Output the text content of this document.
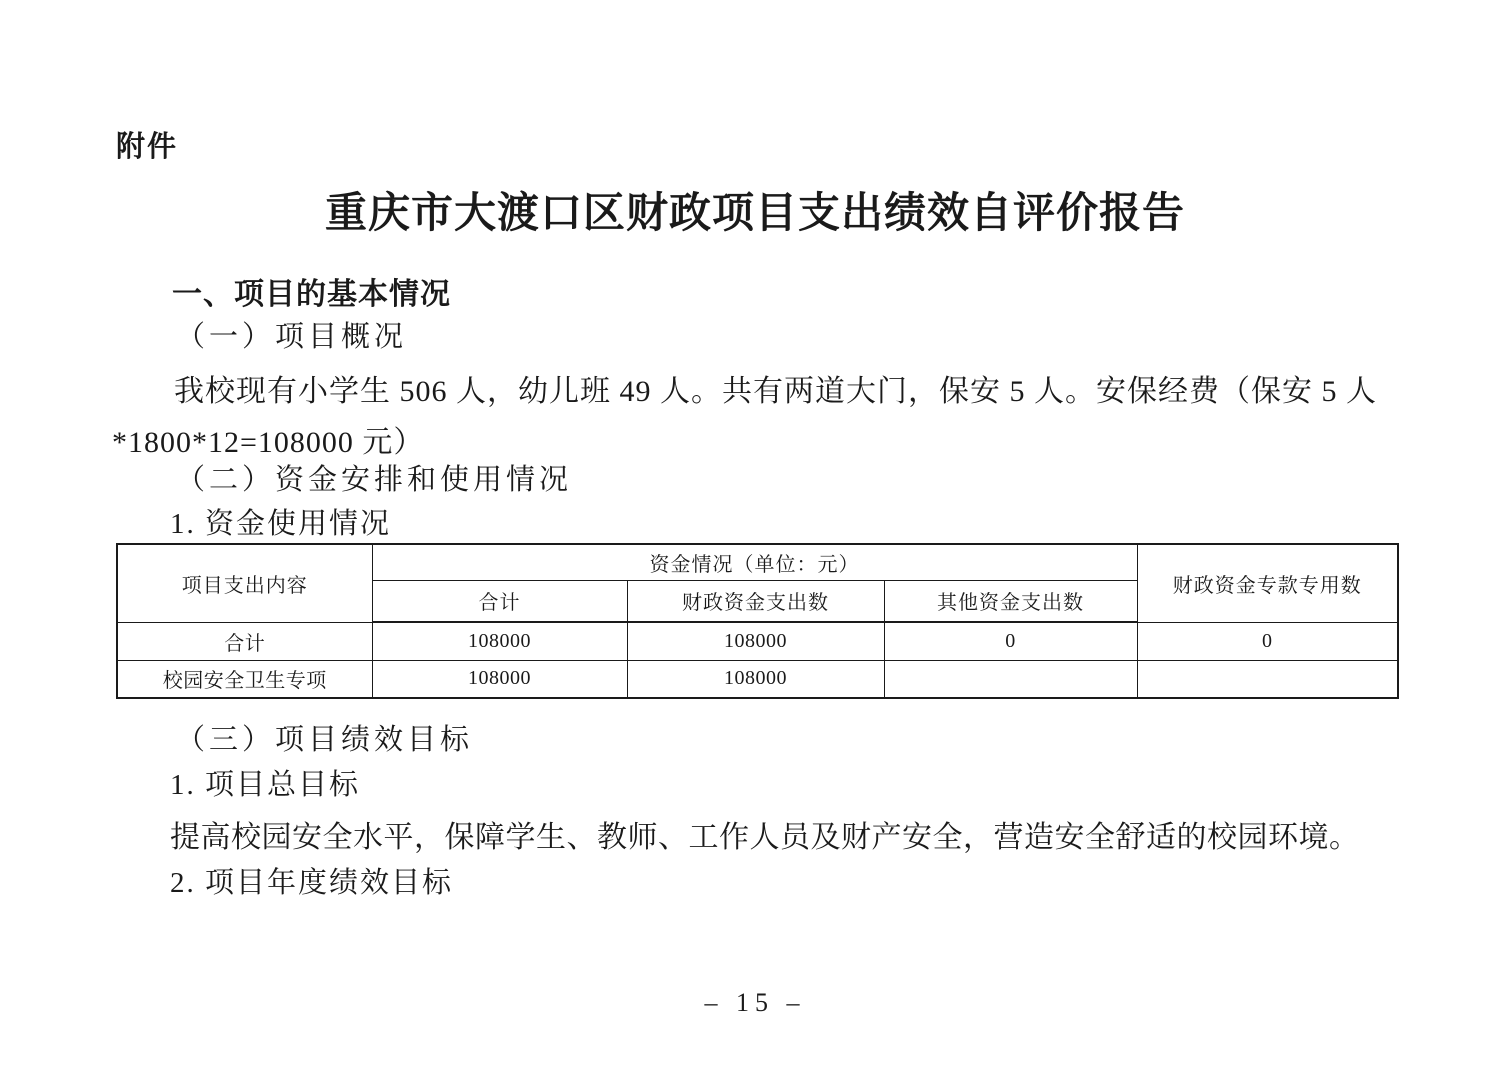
附件
重庆市大渡口区财政项目支出绩效自评价报告
一、项目的基本情况
（一）项目概况
我校现有小学生 506 人，幼儿班 49 人。共有两道大门，保安 5 人。安保经费（保安 5 人
*1800*12=108000 元）
（二）资金安排和使用情况
1. 资金使用情况
项目支出内容	资金情况（单位：元）			财政资金专款专用数
	合计	财政资金支出数	其他资金支出数	
合计	108000	108000	0	0
校园安全卫生专项	108000	108000		
（三）项目绩效目标
1. 项目总目标
提高校园安全水平，保障学生、教师、工作人员及财产安全，营造安全舒适的校园环境。
2. 项目年度绩效目标
– 15 –
